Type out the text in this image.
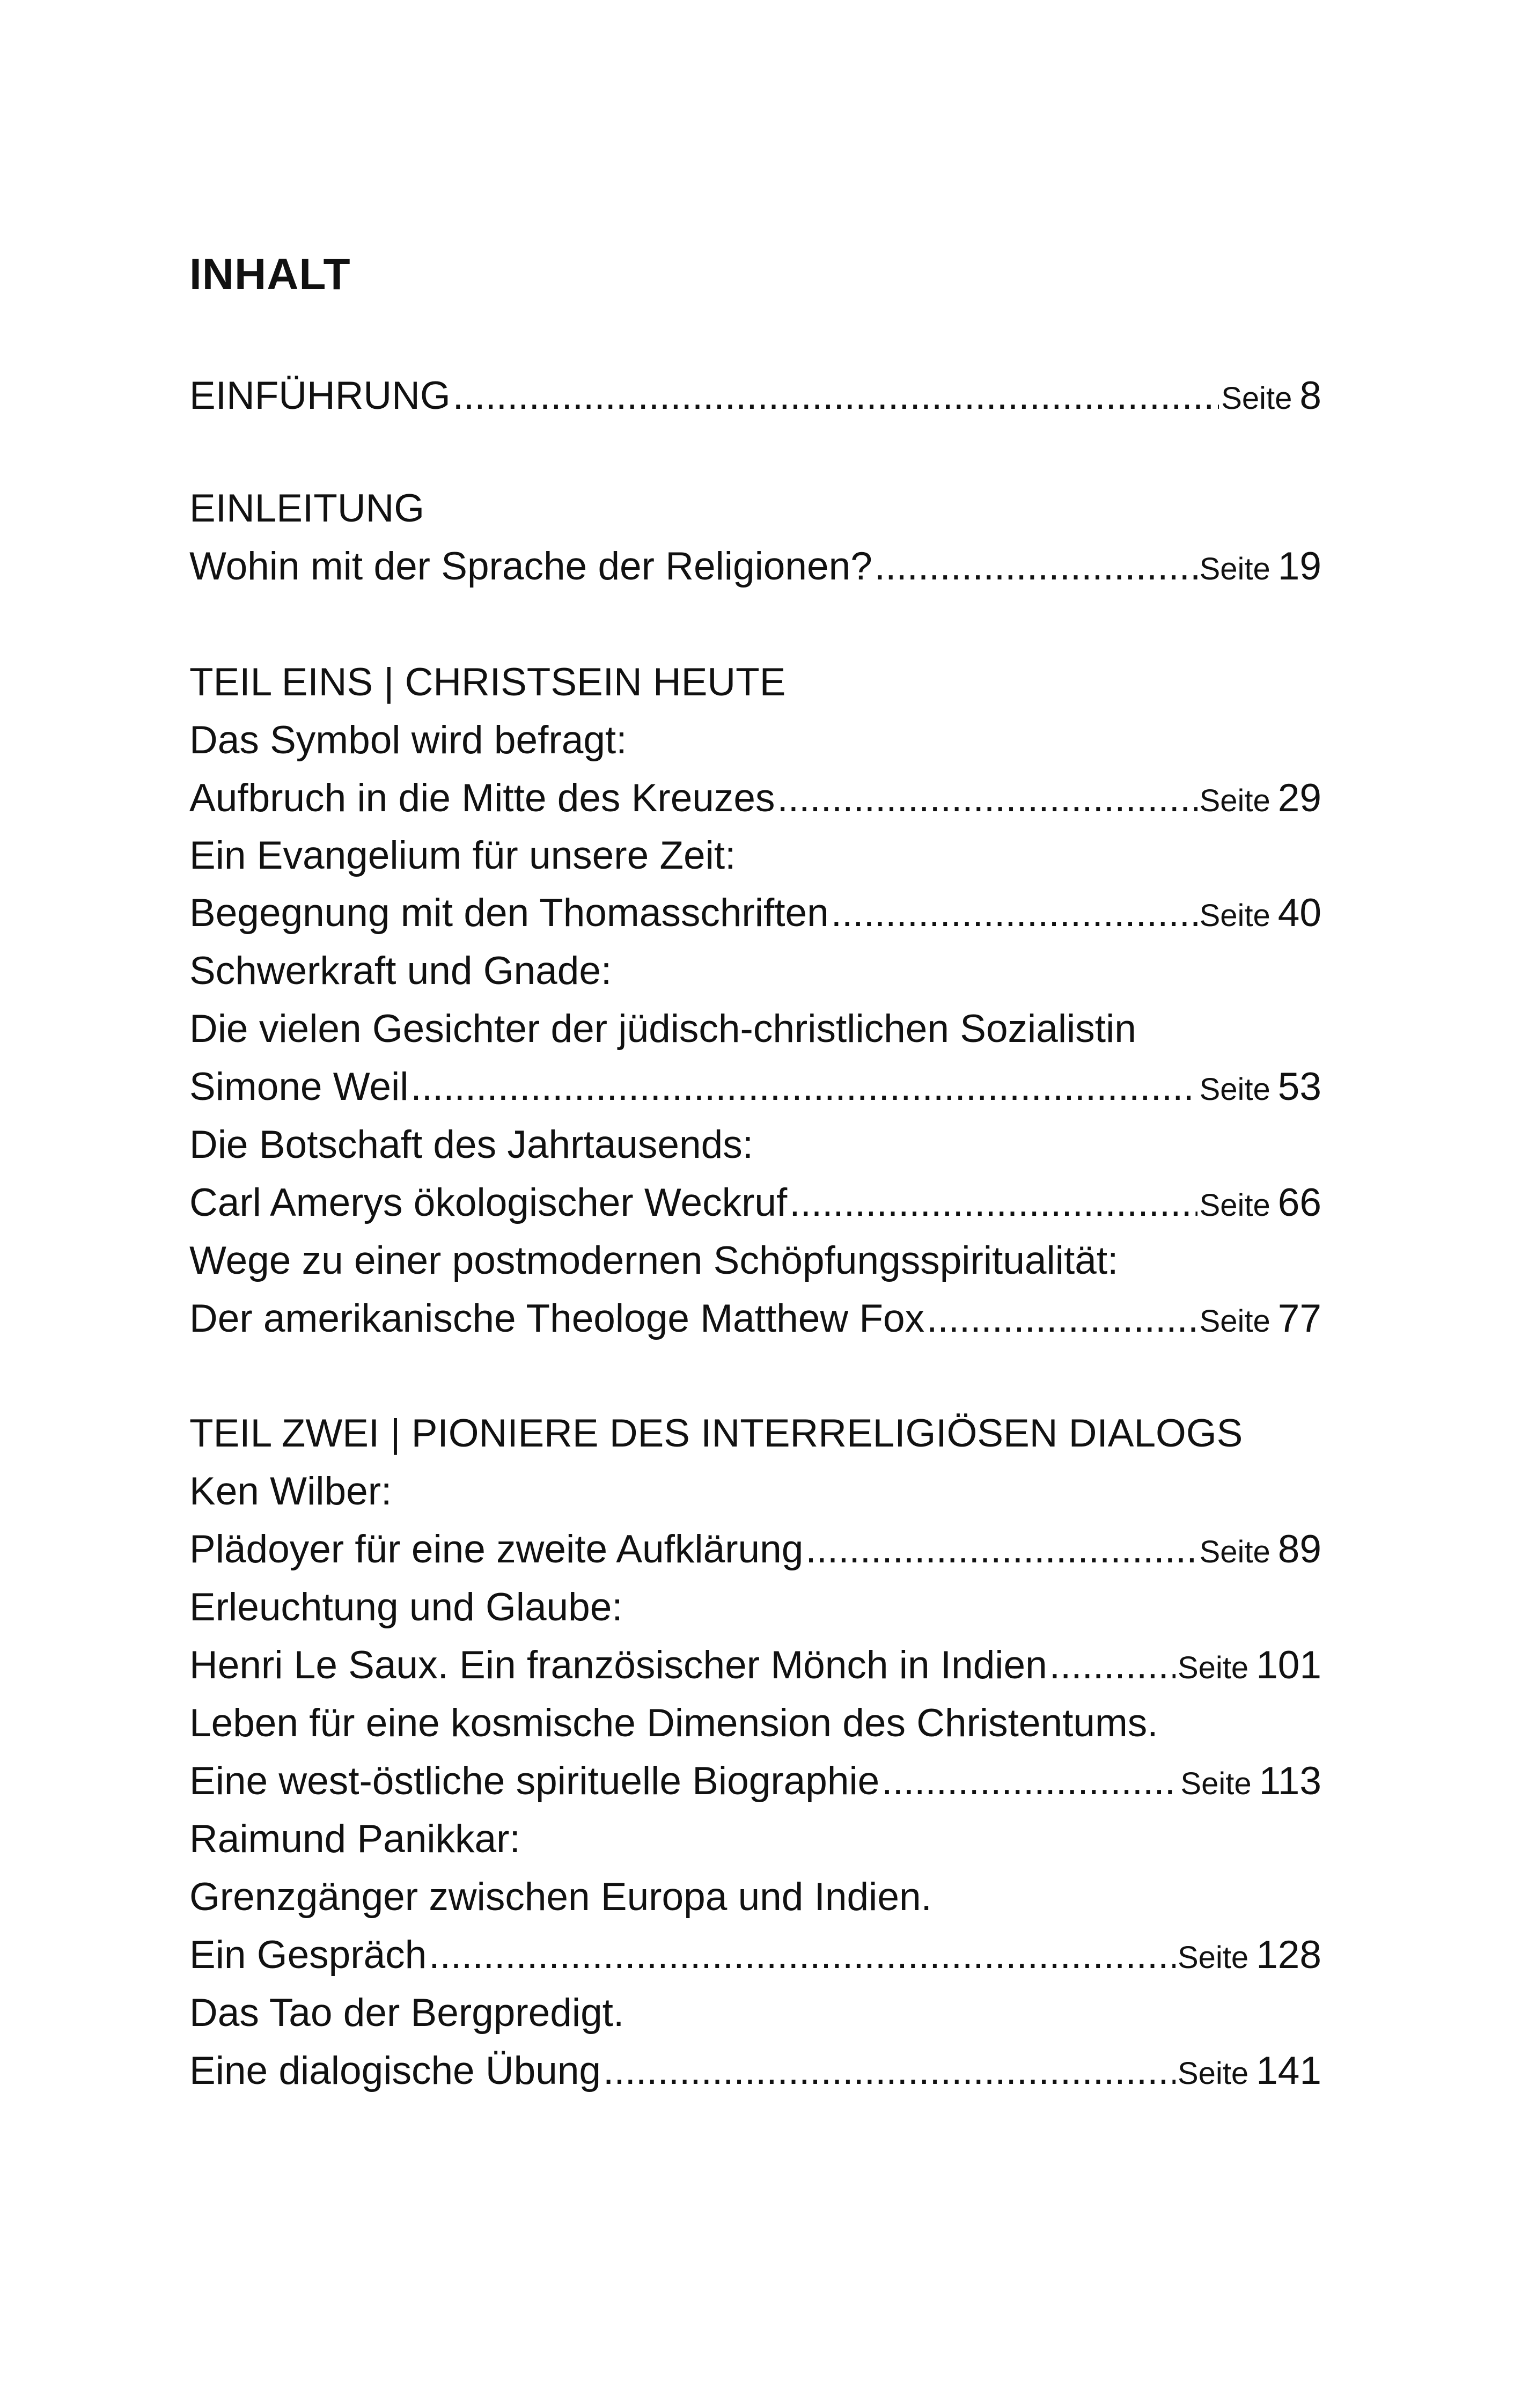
INHALT
EINFÜHRUNG .....	Seite 8
EINLEITUNG
Wohin mit der Sprache der Religionen? .....	Seite 19
TEIL EINS | CHRISTSEIN HEUTE
Das Symbol wird befragt:
Aufbruch in die Mitte des Kreuzes .....	Seite 29
Ein Evangelium für unsere Zeit:
Begegnung mit den Thomasschriften .....	Seite 40
Schwerkraft und Gnade:
Die vielen Gesichter der jüdisch-christlichen Sozialistin
Simone Weil .....	Seite 53
Die Botschaft des Jahrtausends:
Carl Amerys ökologischer Weckruf .....	Seite 66
Wege zu einer postmodernen Schöpfungsspiritualität:
Der amerikanische Theologe Matthew Fox .....	Seite 77
TEIL ZWEI | PIONIERE DES INTERRELIGIÖSEN DIALOGS
Ken Wilber:
Plädoyer für eine zweite Aufklärung .....	Seite 89
Erleuchtung und Glaube:
Henri Le Saux. Ein französischer Mönch in Indien .....	Seite 101
Leben für eine kosmische Dimension des Christentums.
Eine west-östliche spirituelle Biographie .....	Seite 113
Raimund Panikkar:
Grenzgänger zwischen Europa und Indien.
Ein Gespräch .....	Seite 128
Das Tao der Bergpredigt.
Eine dialogische Übung .....	Seite 141
